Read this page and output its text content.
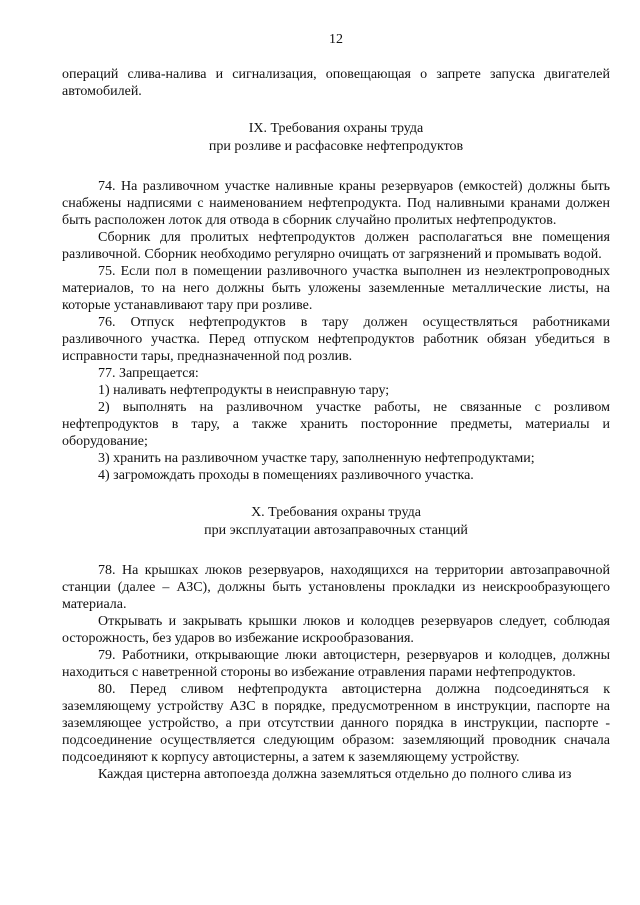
12

операций слива-налива и сигнализация, оповещающая о запрете запуска двигателей автомобилей.

IX. Требования охраны труда
при розливе и расфасовке нефтепродуктов

74. На разливочном участке наливные краны резервуаров (емкостей) должны быть снабжены надписями с наименованием нефтепродукта. Под наливными кранами должен быть расположен лоток для отвода в сборник случайно пролитых нефтепродуктов.

Сборник для пролитых нефтепродуктов должен располагаться вне помещения разливочной. Сборник необходимо регулярно очищать от загрязнений и промывать водой.

75. Если пол в помещении разливочного участка выполнен из неэлектропроводных материалов, то на него должны быть уложены заземленные металлические листы, на которые устанавливают тару при розливе.

76. Отпуск нефтепродуктов в тару должен осуществляться работниками разливочного участка. Перед отпуском нефтепродуктов работник обязан убедиться в исправности тары, предназначенной под розлив.

77. Запрещается:

1) наливать нефтепродукты в неисправную тару;

2) выполнять на разливочном участке работы, не связанные с розливом нефтепродуктов в тару, а также хранить посторонние предметы, материалы и оборудование;

3) хранить на разливочном участке тару, заполненную нефтепродуктами;

4) загромождать проходы в помещениях разливочного участка.

X. Требования охраны труда
при эксплуатации автозаправочных станций

78. На крышках люков резервуаров, находящихся на территории автозаправочной станции (далее – АЗС), должны быть установлены прокладки из неискрообразующего материала.

Открывать и закрывать крышки люков и колодцев резервуаров следует, соблюдая осторожность, без ударов во избежание искрообразования.

79. Работники, открывающие люки автоцистерн, резервуаров и колодцев, должны находиться с наветренной стороны во избежание отравления парами нефтепродуктов.

80. Перед сливом нефтепродукта автоцистерна должна подсоединяться к заземляющему устройству АЗС в порядке, предусмотренном в инструкции, паспорте на заземляющее устройство, а при отсутствии данного порядка в инструкции, паспорте - подсоединение осуществляется следующим образом: заземляющий проводник сначала подсоединяют к корпусу автоцистерны, а затем к заземляющему устройству.

Каждая цистерна автопоезда должна заземляться отдельно до полного слива из
